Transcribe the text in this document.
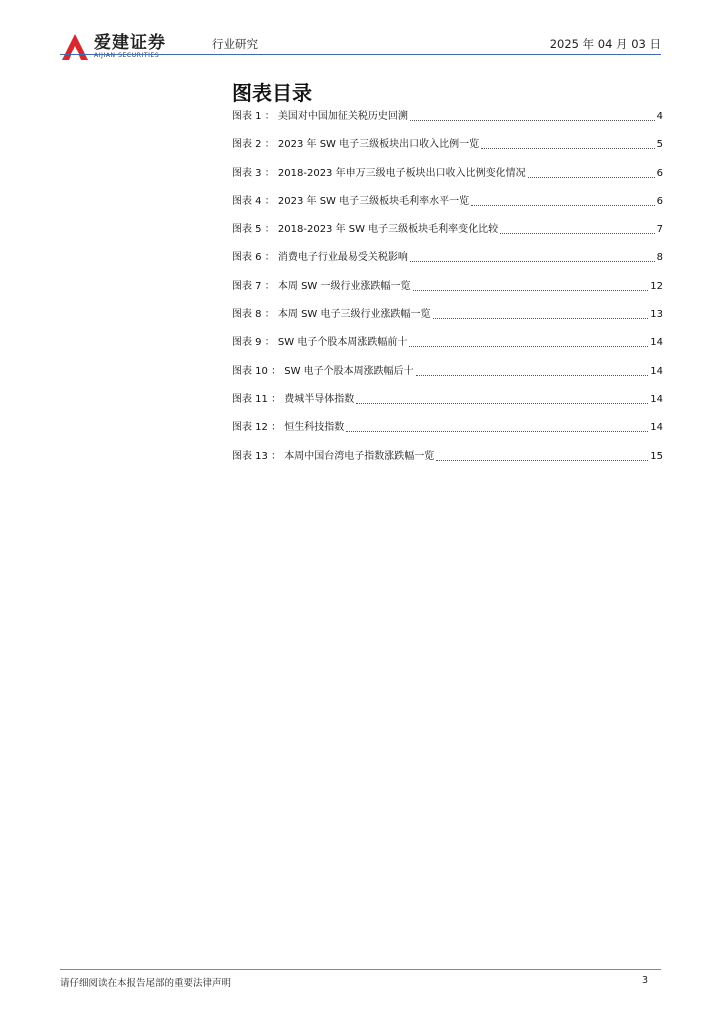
爱建证券
AIJIAN SECURITIES
行业研究	2025 年 04 月 03 日
图表目录
图表 1 ： 美国对中国加征关税历史回溯	4
图表 2 ： 2023 年 SW 电子三级板块出口收入比例一览	5
图表 3 ： 2018-2023 年申万三级电子板块出口收入比例变化情况	6
图表 4 ： 2023 年 SW 电子三级板块毛利率水平一览	6
图表 5 ： 2018-2023 年 SW 电子三级板块毛利率变化比较	7
图表 6 ： 消费电子行业最易受关税影响	8
图表 7 ： 本周 SW 一级行业涨跌幅一览	12
图表 8 ： 本周 SW 电子三级行业涨跌幅一览	13
图表 9 ： SW 电子个股本周涨跌幅前十	14
图表 10 ： SW 电子个股本周涨跌幅后十	14
图表 11 ： 费城半导体指数	14
图表 12 ： 恒生科技指数	14
图表 13 ： 本周中国台湾电子指数涨跌幅一览	15
请仔细阅读在本报告尾部的重要法律声明	3
